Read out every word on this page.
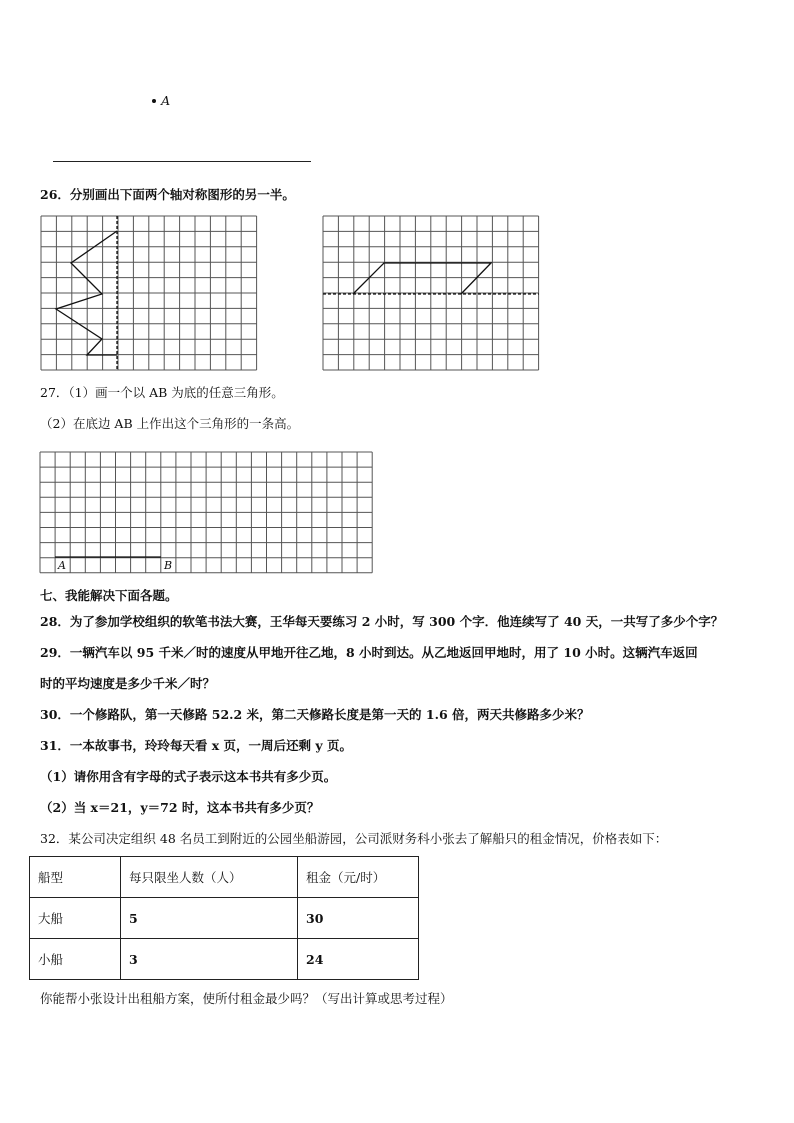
A
26．分别画出下面两个轴对称图形的另一半。
27．（1）画一个以 AB 为底的任意三角形。
（2）在底边 AB 上作出这个三角形的一条高。
A	B
七、我能解决下面各题。
28．为了参加学校组织的软笔书法大赛，王华每天要练习 2 小时，写 300 个字．他连续写了 40 天，一共写了多少个字？
29．一辆汽车以 95 千米／时的速度从甲地开往乙地，8 小时到达。从乙地返回甲地时，用了 10 小时。这辆汽车返回
时的平均速度是多少千米／时？
30．一个修路队，第一天修路 52.2 米，第二天修路长度是第一天的 1.6 倍，两天共修路多少米？
31．一本故事书，玲玲每天看 x 页，一周后还剩 y 页。
（1）请你用含有字母的式子表示这本书共有多少页。
（2）当 x＝21，y＝72 时，这本书共有多少页？
32．某公司决定组织 48 名员工到附近的公园坐船游园，公司派财务科小张去了解船只的租金情况，价格表如下：
船型	每只限坐人数（人）	租金（元/时）
大船	5	30
小船	3	24
你能帮小张设计出租船方案，使所付租金最少吗？（写出计算或思考过程）
